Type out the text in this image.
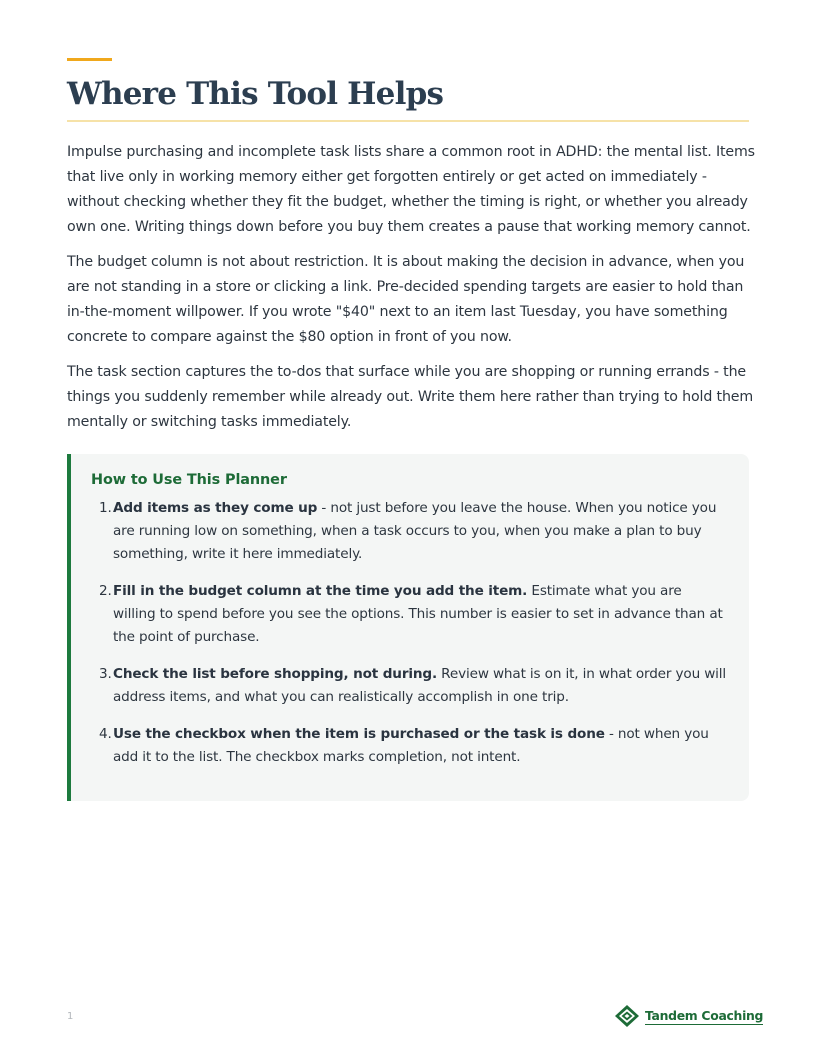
Where This Tool Helps

Impulse purchasing and incomplete task lists share a common root in ADHD: the mental list. Items that live only in working memory either get forgotten entirely or get acted on immediately - without checking whether they fit the budget, whether the timing is right, or whether you already own one. Writing things down before you buy them creates a pause that working memory cannot.

The budget column is not about restriction. It is about making the decision in advance, when you are not standing in a store or clicking a link. Pre-decided spending targets are easier to hold than in-the-moment willpower. If you wrote "$40" next to an item last Tuesday, you have something concrete to compare against the $80 option in front of you now.

The task section captures the to-dos that surface while you are shopping or running errands - the things you suddenly remember while already out. Write them here rather than trying to hold them mentally or switching tasks immediately.

How to Use This Planner
1. Add items as they come up - not just before you leave the house. When you notice you are running low on something, when a task occurs to you, when you make a plan to buy something, write it here immediately.
2. Fill in the budget column at the time you add the item. Estimate what you are willing to spend before you see the options. This number is easier to set in advance than at the point of purchase.
3. Check the list before shopping, not during. Review what is on it, in what order you will address items, and what you can realistically accomplish in one trip.
4. Use the checkbox when the item is purchased or the task is done - not when you add it to the list. The checkbox marks completion, not intent.
1	Tandem Coaching
